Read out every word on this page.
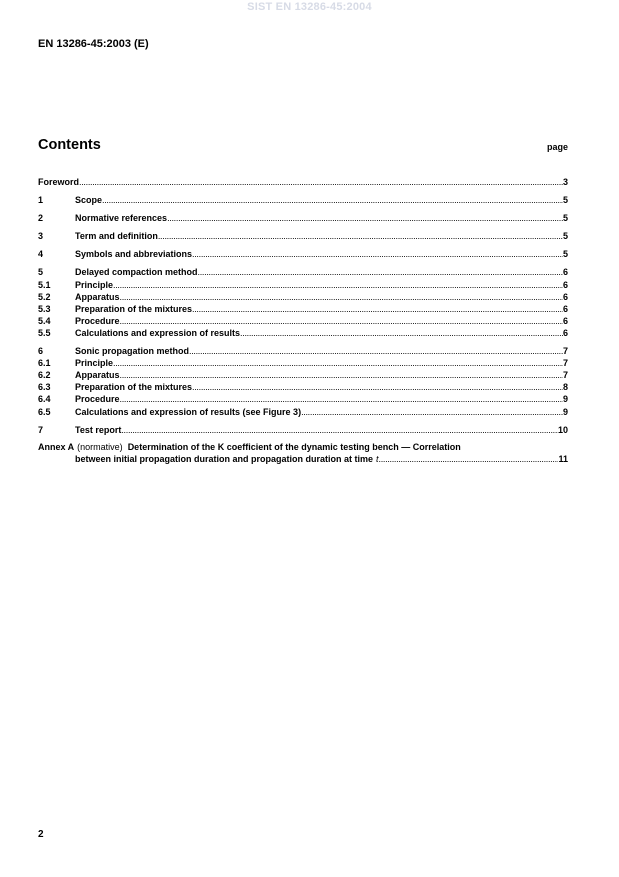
SIST EN 13286-45:2004
EN 13286-45:2003 (E)
Contents	page
Foreword .....	3
1	Scope .....	5
2	Normative references .....	5
3	Term and definition .....	5
4	Symbols and abbreviations .....	5
5	Delayed compaction method .....	6
5.1	Principle .....	6
5.2	Apparatus .....	6
5.3	Preparation of the mixtures .....	6
5.4	Procedure .....	6
5.5	Calculations and expression of results .....	6
6	Sonic propagation method .....	7
6.1	Principle .....	7
6.2	Apparatus .....	7
6.3	Preparation of the mixtures .....	8
6.4	Procedure .....	9
6.5	Calculations and expression of results (see Figure 3) .....	9
7	Test report .....	10
Annex A (normative) Determination of the K coefficient of the dynamic testing bench — Correlation
between initial propagation duration and propagation duration at time t .....	11
2
